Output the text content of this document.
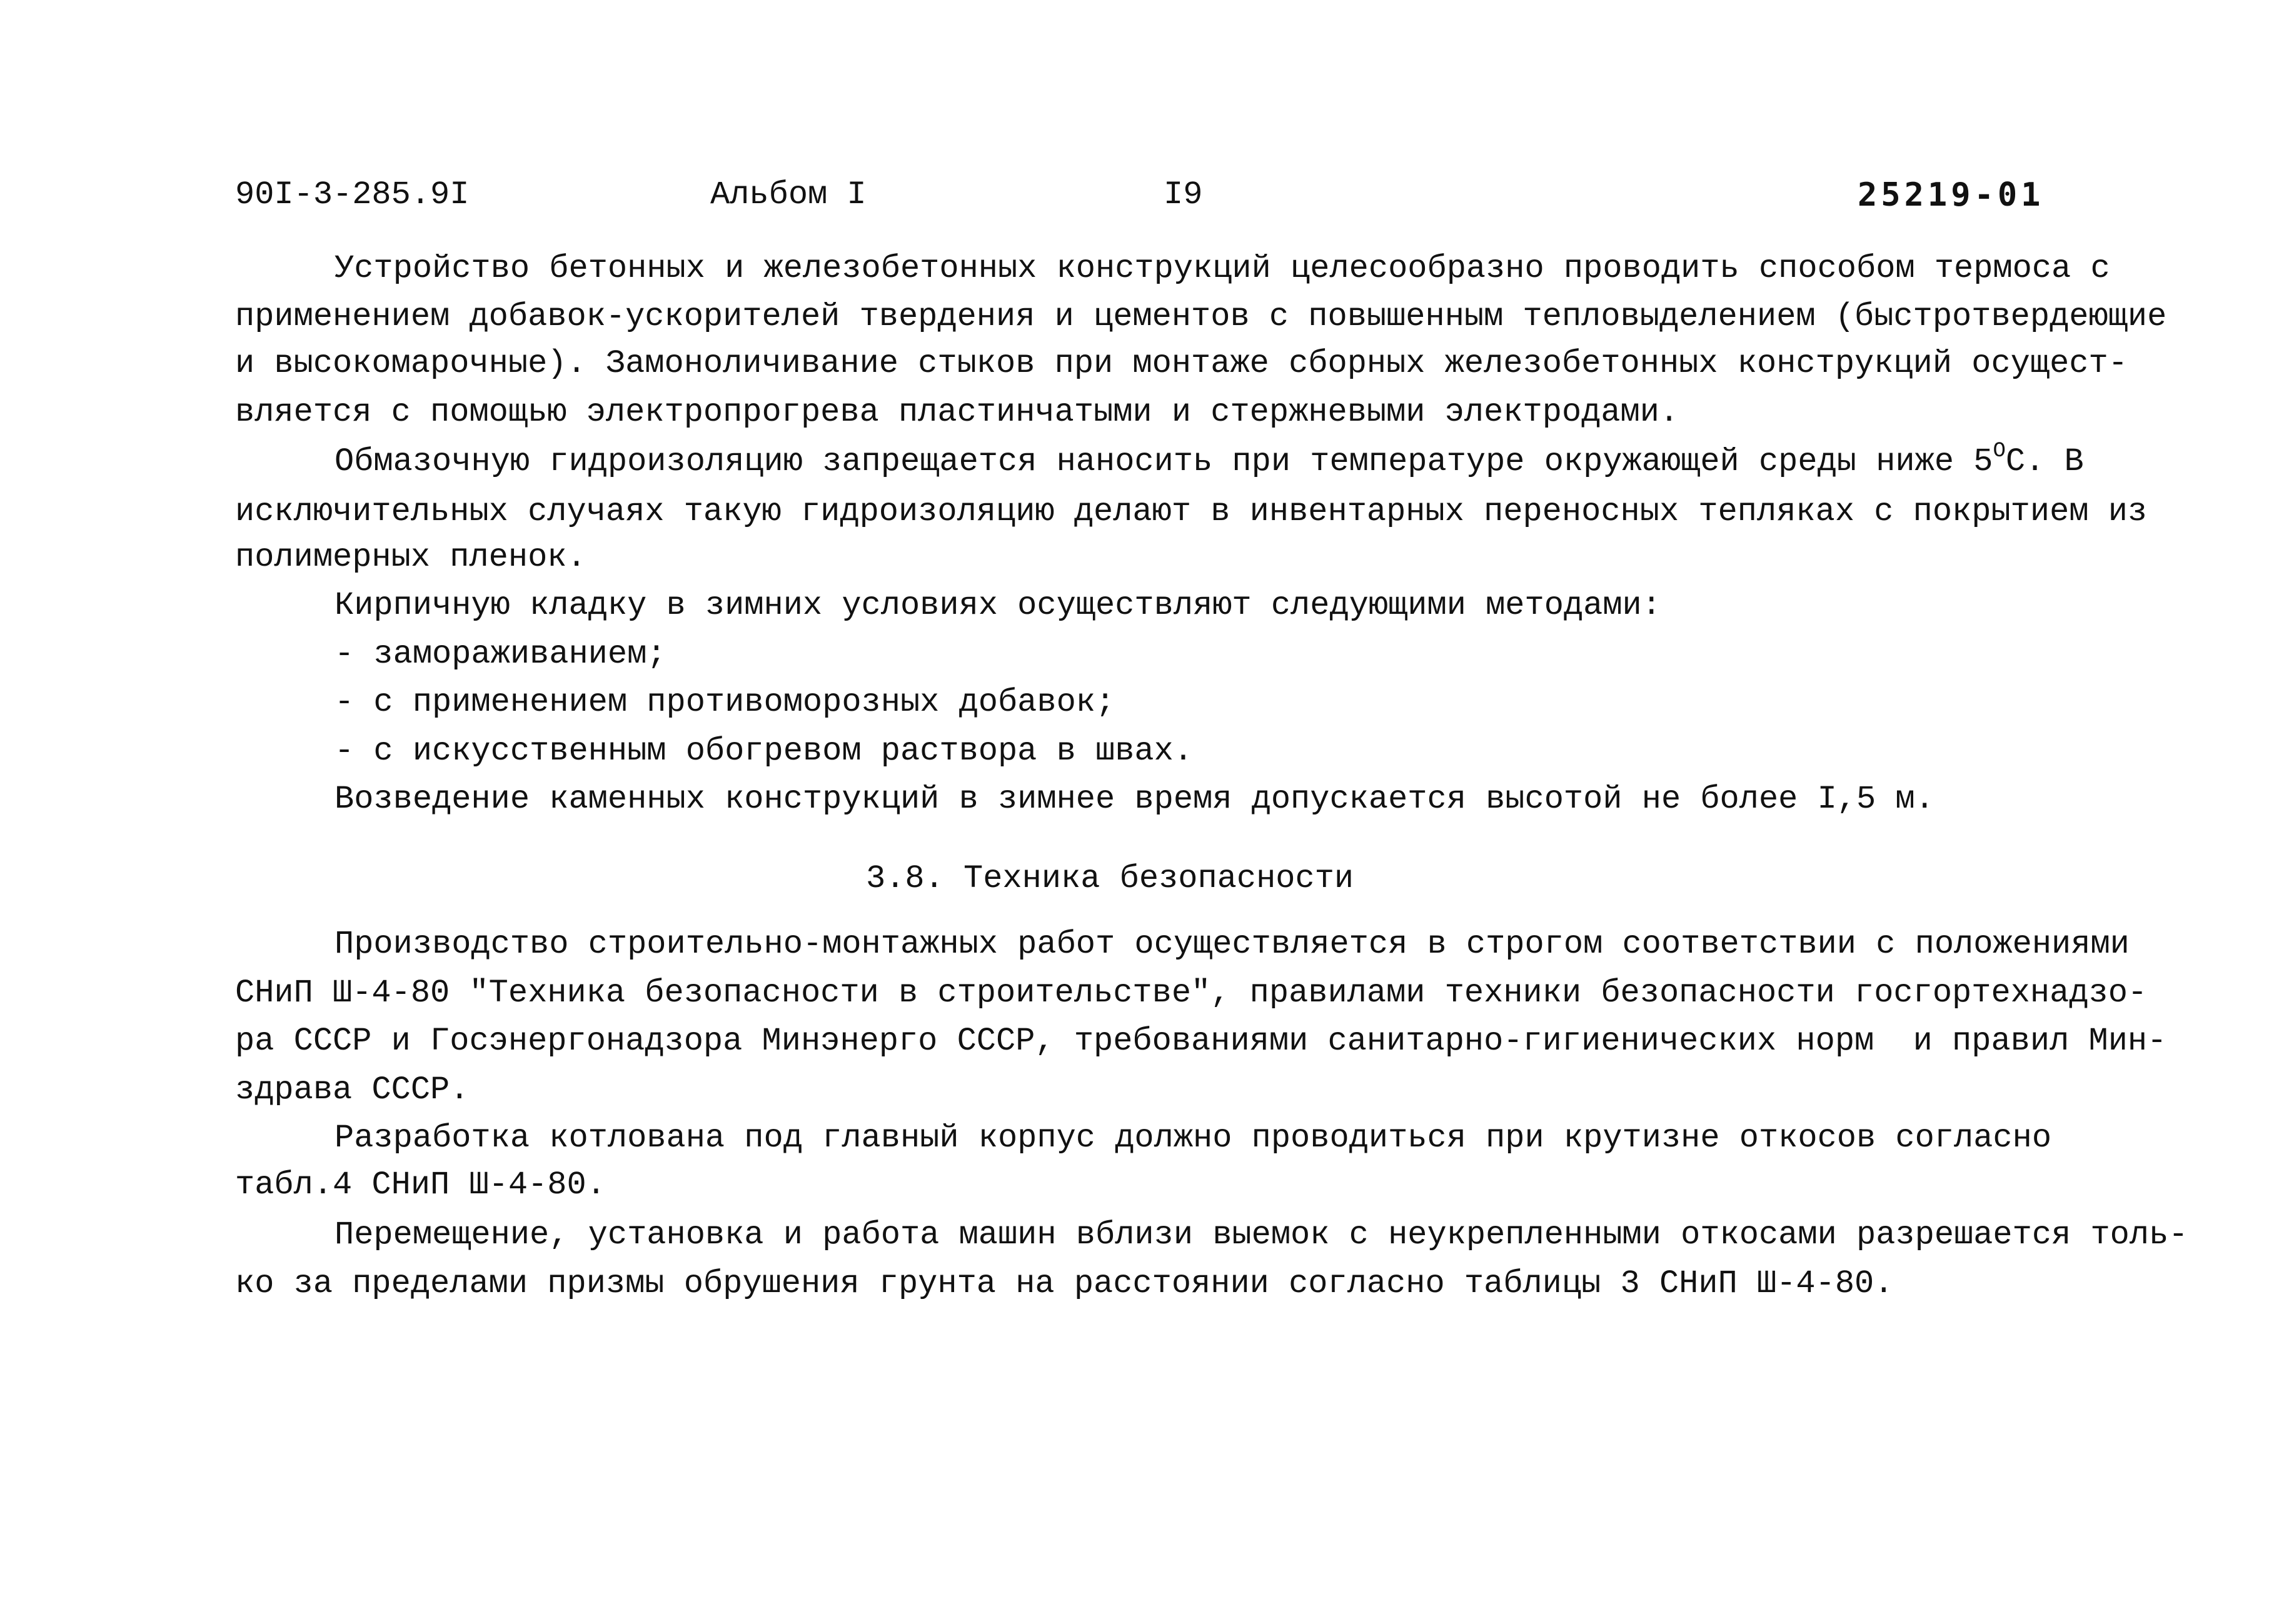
90I-3-285.9I	Альбом I	I9	25219-01
Устройство бетонных и железобетонных конструкций целесообразно проводить способом термоса с
применением добавок-ускорителей твердения и цементов с повышенным тепловыделением (быстротвердеющие
и высокомарочные). Замоноличивание стыков при монтаже сборных железобетонных конструкций осущест-
вляется с помощью электропрогрева пластинчатыми и стержневыми электродами.
Обмазочную гидроизоляцию запрещается наносить при температуре окружающей среды ниже $5^OС$. В
исключительных случаях такую гидроизоляцию делают в инвентарных переносных тепляках с покрытием из
полимерных пленок.
Кирпичную кладку в зимних условиях осуществляют следующими методами:
- замораживанием;
- с применением противоморозных добавок;
- с искусственным обогревом раствора в швах.
Возведение каменных конструкций в зимнее время допускается высотой не более I,5 м.
3.8. Техника безопасности
Производство строительно-монтажных работ осуществляется в строгом соответствии с положениями
СНиП Ш-4-80 "Техника безопасности в строительстве", правилами техники безопасности госгортехнадзо-
ра СССР и Госэнергонадзора Минэнерго СССР, требованиями санитарно-гигиенических норм  и правил Мин-
здрава СССР.
Разработка котлована под главный корпус должно проводиться при крутизне откосов согласно
табл.4 СНиП Ш-4-80.
Перемещение, установка и работа машин вблизи выемок с неукрепленными откосами разрешается толь-
ко за пределами призмы обрушения грунта на расстоянии согласно таблицы 3 СНиП Ш-4-80.
